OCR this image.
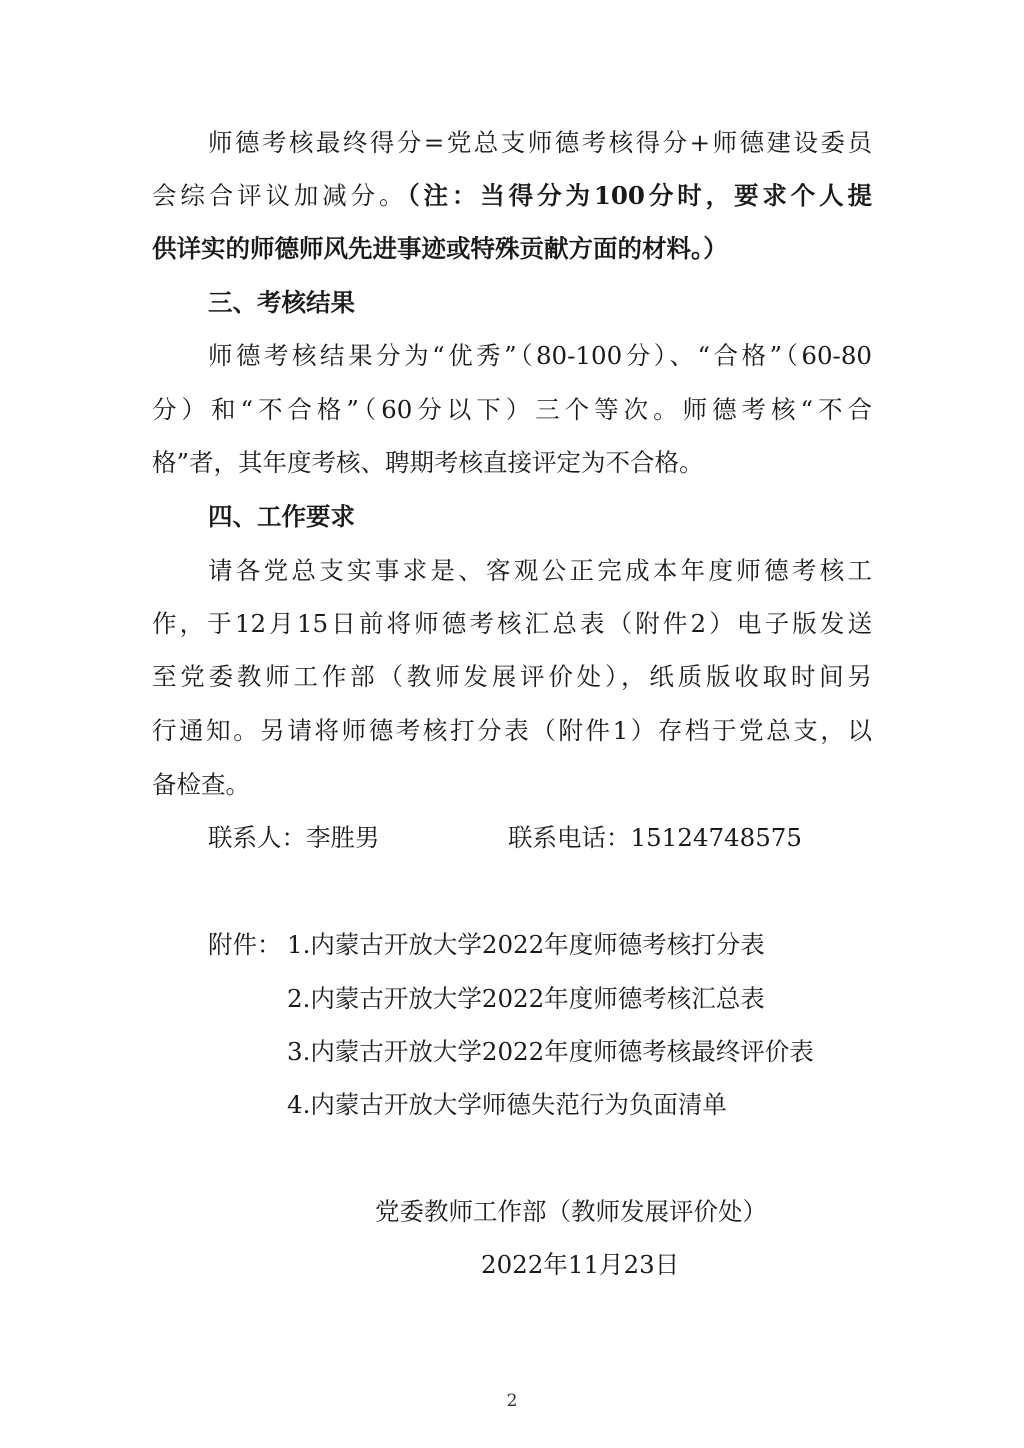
师德考核最终得分=党总支师德考核得分+师德建设委员
会综合评议加减分。（注：当得分为100分时，要求个人提
供详实的师德师风先进事迹或特殊贡献方面的材料。）
三、考核结果
师德考核结果分为“优秀”（80-100分）、“合格”（60-80
分）和“不合格”（60分以下）三个等次。师德考核“不合
格”者，其年度考核、聘期考核直接评定为不合格。
四、工作要求
请各党总支实事求是、客观公正完成本年度师德考核工
作，于12月15日前将师德考核汇总表（附件2）电子版发送
至党委教师工作部（教师发展评价处），纸质版收取时间另
行通知。另请将师德考核打分表（附件1）存档于党总支，以
备检查。
联系人：李胜男	联系电话：15124748575
附件： 1.内蒙古开放大学2022年度师德考核打分表
2.内蒙古开放大学2022年度师德考核汇总表
3.内蒙古开放大学2022年度师德考核最终评价表
4.内蒙古开放大学师德失范行为负面清单
党委教师工作部（教师发展评价处）
2022年11月23日
2
